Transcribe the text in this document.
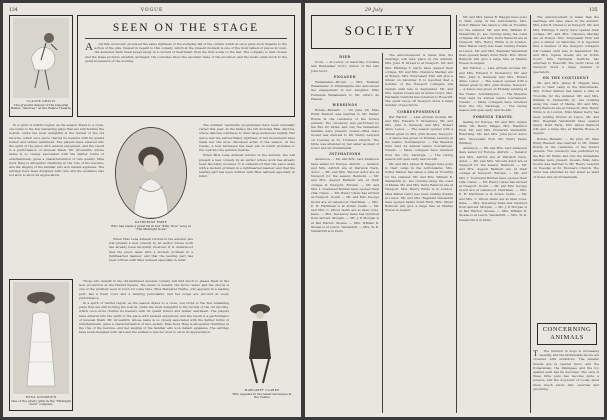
134	VOGUE
CLAUDE GRAVIS
The graceful dancer of the Imperial Ballet, "Pavlova," at the Palace Theatre
SEEN ON THE STAGE

A All this, moreover, produced the same lightness of the swinging fall of the curtain which at once gives such impetus to the action of the play. Viewed in regard to this comedy, which at the present moment is one of the most talked-of pieces in town, the audience finds itself swept along in a current of merriment from the first scene to the last. The company is well chosen and the stage pictures carefully arranged; the costumes show the excellent taste of the producer, and the music adds much to the general pleasure of the evening.

In a spirit of wistful regret, as the season draws to a close, one turns to the few remaining plays that are still holding the boards. Quite the most delightful is the revival of the old favorite, which once more charms its hearers with its quaint humor and tender sentiment. The players have entered into the spirit of the piece with evident enjoyment, and the result is a performance of unusual finish. Mr. Grossmith, whose name is so closely associated with the lighter forms of entertainment, gives a characterization of rare quality. Miss Dora Haig is altogether charming in the rôle of the heroine, and her singing of the familiar airs won instant applause. The settings have been designed with care and the audience was not slow to show its appreciation.

KATHERINE EMBE
Who has made a great hit in her "Kitty Dow" song in "The Midnight Sons"

The summer vaudeville programmes have been unusually varied this year. At the Palace the bill includes Mlle. Pavlova, whose dancing continues to draw large audiences nightly. Her grace and the extraordinary lightness of her movements have made her the most discussed artist of the season. At the Casino, a new burlesque has been put on which promises to run well into the autumn months.

When Miss Lena Ashwell returns in the autumn, she will present a new comedy by an author whose work has already been favorably received. It is understood that the piece deals with a modern problem in a lighthearted manner, and that the leading part has been written with Miss Ashwell especially in mind.

When Miss Lena Ashwell returns in the autumn, she will present a new comedy by an author whose work has already been favorably received. It is understood that the piece deals with a modern problem in a lighthearted manner, and that the leading part has been written with Miss Ashwell especially in mind.

EDNA GOODRICH
One of the pretty girls in the "Midnight Sons" company

Those who delight in the old-fashioned musical comedy will find much to please them in the new production at the Herald Square. The music is tuneful, the lyrics clever, and the chorus is one of the prettiest seen in town for some time. Miss Margaret Clarke, who appears in a leading part, has a fresh voice and a winning personality, and her songs are encored at every performance.

In a spirit of wistful regret, as the season draws to a close, one turns to the few remaining plays that are still holding the boards. Quite the most delightful is the revival of the old favorite, which once more charms its hearers with its quaint humor and tender sentiment. The players have entered into the spirit of the piece with evident enjoyment, and the result is a performance of unusual finish. Mr. Grossmith, whose name is so closely associated with the lighter forms of entertainment, gives a characterization of rare quality. Miss Dora Haig is altogether charming in the rôle of the heroine, and her singing of the familiar airs won instant applause. The settings have been designed with care and the audience was not slow to show its appreciation.

MARGARET CLARKE
Who appears in the latest burlesque at the Casino
29 July	135
SOCIETY

DIED

Scott. — At Lenox, on Saturday, Cordelia Van Rensselaer Scott, widow of the late John Scott.

ENGAGED

Wanamaker—Brown. — Mrs. Rodman Wanamaker of Philadelphia has announced the engagement of her daughter, Miss Fernanda Wanamaker, to Mr. Arturo de Heeren.

WEDDINGS

Rohde—Bennett. — On June 28, Miss Emily Bennett was married to Mr. Walter Rohde at the residence of the bride's parents. The ceremony was performed by the Rev. Dr. Parks, and only the immediate families were present. Goelet—Miss Alice Goelet was married to Mr. Henry Ledyard on Tuesday at St. Thomas's Church. The bride was attended by her sister as maid of honor and six bridesmaids.

INTIMATIONS

Anderson. — Mr. and Mrs. Larz Anderson have sailed for Europe. Aldrich. — Senator and Mrs. Aldrich are at Warwick Neck. Astor. — Mr. and Mrs. Vincent Astor are at Newport for the season. Belmont. — Mr. and Mrs. August Belmont are at their cottage at Newport. Burden. — Mr. and Mrs. I. Townsend Burden have opened their villa. Clews. — Mr. Henry Clews has arrived at Newport. Gould. — Mr. and Mrs. George Gould are at Lakewood. Harriman. — Mrs. E. H. Harriman is at Arden. Iselin. — Mr. and Mrs. C. Oliver Iselin are at Glen Cove. Kane. — Mrs. DeLancey Kane has returned from abroad. Morgan. — Mr. J. P. Morgan is at Bar Harbor. Sloane. — Mrs. William D. Sloane is at Lenox. Vanderbilt. — Mrs. W. K. Vanderbilt is in Paris.

The announcement is made that the marriage will take place in the autumn. Mrs. John R. Drexel is at Newport. Mr. and Mrs. Elbridge T. Gerry have opened their cottage. Mr. and Mrs. Clarence Mackay are at Roslyn. Mrs. Stuyvesant Fish will give a dinner on Saturday. It is reported that a number of the Newport cottagers will remain until late in September. Mr. and Mrs. Ogden Goelet are at Ochre Court. Mrs. Hermann Oelrichs has returned to Rosecliff. The yacht races off Newport drew a large number of spectators.

CORRESPONDENCE

Bar Harbor. — Late arrivals include Mr. and Mrs. Edward T. Stotesbury, Mr. and Mrs. John S. Kennedy and Mrs. Robert Abbe. Lenox. — The season opened with a dinner given by Mrs. John Sloane. Newport. — A dance was given on Monday evening at the Casino. Southampton. — The Meadow Club held its annual tennis tournament. Tuxedo. — Many cottagers have returned from the city. Saratoga. — The racing season will open early next month.

Mr. and Mrs. James B. Haggin have gone to their camp in the Adirondacks. Mrs. Potter Palmer has taken a villa at Trouville for the summer. Mr. and Mrs. William K. Vanderbilt, Jr., are cruising along the coast of Maine. Mr. and Mrs. Perry Belmont are at Newport. Mrs. Henry White is in London. Miss Mabel Gerry has been visiting friends at Lenox. Mr. and Mrs. Reginald Vanderbilt have opened Sandy Point Farm. Mrs. Oliver Belmont will give a large fête at Marble House in August.

Mr. and Mrs. James B. Haggin have gone to their camp in the Adirondacks. Mrs. Potter Palmer has taken a villa at Trouville for the summer. Mr. and Mrs. William K. Vanderbilt, Jr., are cruising along the coast of Maine. Mr. and Mrs. Perry Belmont are at Newport. Mrs. Henry White is in London. Miss Mabel Gerry has been visiting friends at Lenox. Mr. and Mrs. Reginald Vanderbilt have opened Sandy Point Farm. Mrs. Oliver Belmont will give a large fête at Marble House in August.

Bar Harbor. — Late arrivals include Mr. and Mrs. Edward T. Stotesbury, Mr. and Mrs. John S. Kennedy and Mrs. Robert Abbe. Lenox. — The season opened with a dinner given by Mrs. John Sloane. Newport. — A dance was given on Monday evening at the Casino. Southampton. — The Meadow Club held its annual tennis tournament. Tuxedo. — Many cottagers have returned from the city. Saratoga. — The racing season will open early next month.

FOREIGN TRAVEL

Sailing for Europe: Mr. and Mrs. Ogden Mills, Mr. Henry Phipps, Mrs. Hamilton Fish, Mr. and Mrs. Frederick Vanderbilt. Returning: Mr. and Mrs. John Jacob Astor, Mrs. Stuyvesant Fish, Mr. Harry Payne Whitney.

Anderson. — Mr. and Mrs. Larz Anderson have sailed for Europe. Aldrich. — Senator and Mrs. Aldrich are at Warwick Neck. Astor. — Mr. and Mrs. Vincent Astor are at Newport for the season. Belmont. — Mr. and Mrs. August Belmont are at their cottage at Newport. Burden. — Mr. and Mrs. I. Townsend Burden have opened their villa. Clews. — Mr. Henry Clews has arrived at Newport. Gould. — Mr. and Mrs. George Gould are at Lakewood. Harriman. — Mrs. E. H. Harriman is at Arden. Iselin. — Mr. and Mrs. C. Oliver Iselin are at Glen Cove. Kane. — Mrs. DeLancey Kane has returned from abroad. Morgan. — Mr. J. P. Morgan is at Bar Harbor. Sloane. — Mrs. William D. Sloane is at Lenox. Vanderbilt. — Mrs. W. K. Vanderbilt is in Paris.

The announcement is made that the marriage will take place in the autumn. Mrs. John R. Drexel is at Newport. Mr. and Mrs. Elbridge T. Gerry have opened their cottage. Mr. and Mrs. Clarence Mackay are at Roslyn. Mrs. Stuyvesant Fish will give a dinner on Saturday. It is reported that a number of the Newport cottagers will remain until late in September. Mr. and Mrs. Ogden Goelet are at Ochre Court. Mrs. Hermann Oelrichs has returned to Rosecliff. The yacht races off Newport drew a large number of spectators.

ON THE CONTINENT

Mr. and Mrs. James B. Haggin have gone to their camp in the Adirondacks. Mrs. Potter Palmer has taken a villa at Trouville for the summer. Mr. and Mrs. William K. Vanderbilt, Jr., are cruising along the coast of Maine. Mr. and Mrs. Perry Belmont are at Newport. Mrs. Henry White is in London. Miss Mabel Gerry has been visiting friends at Lenox. Mr. and Mrs. Reginald Vanderbilt have opened Sandy Point Farm. Mrs. Oliver Belmont will give a large fête at Marble House in August.

Rohde—Bennett. — On June 28, Miss Emily Bennett was married to Mr. Walter Rohde at the residence of the bride's parents. The ceremony was performed by the Rev. Dr. Parks, and only the immediate families were present. Goelet—Miss Alice Goelet was married to Mr. Henry Ledyard on Tuesday at St. Thomas's Church. The bride was attended by her sister as maid of honor and six bridesmaids.

CONCERNING ANIMALS

T The interest in dogs is increasing steadily, and the fashionable shows are crowded with exhibitors. The smaller breeds are in special favor, and the Pomeranian, the Pekingese and the toy spaniel each has its devotees. The care of these little pets has become quite a science, and the dog-lover of to-day must know much about diet, exercise and grooming.
